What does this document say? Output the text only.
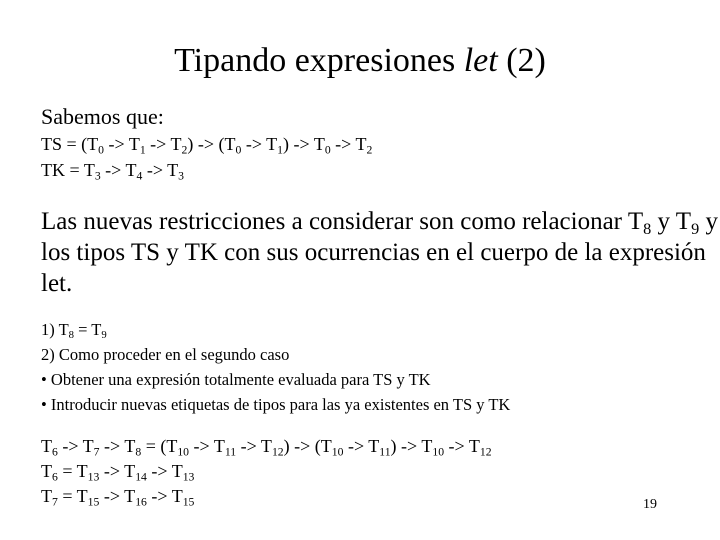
Tipando expresiones let (2)
Sabemos que:
TS = $(T_0 -> T_1 -> T_2) -> (T_0 -> T_1) -> T_0 -> T_2$
TK = $T_3 -> T_4 -> T_3$
Las nuevas restricciones a considerar son como relacionar $T_8$ y $T_9$ y
los tipos TS y TK con sus ocurrencias en el cuerpo de la expresión
let.
1) $T_8 = T_9$
2) Como proceder en el segundo caso
• Obtener una expresión totalmente evaluada para TS y TK
• Introducir nuevas etiquetas de tipos para las ya existentes en TS y TK
$T_6 -> T_7 -> T_8 = (T_{10} -> T_{11} -> T_{12}) -> (T_{10} -> T_{11}) -> T_{10} -> T_{12}$
$T_6 = T_{13} -> T_{14} -> T_{13}$
$T_7 = T_{15} -> T_{16} -> T_{15}$	19
